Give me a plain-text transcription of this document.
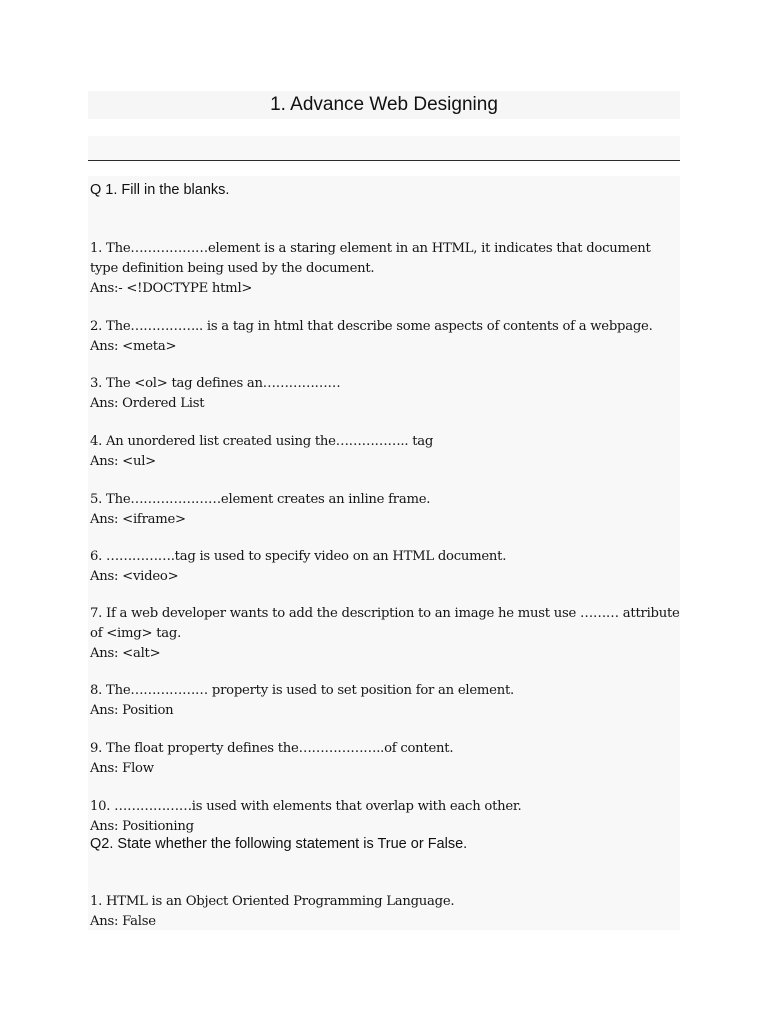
1. Advance Web Designing
Q 1. Fill in the blanks.

1. The………………element is a staring element in an HTML, it indicates that document type definition being used by the document.

Ans:- <!DOCTYPE html>

2. The…………….. is a tag in html that describe some aspects of contents of a webpage.

Ans: <meta>

3. The <ol> tag defines an………………

Ans: Ordered List

4. An unordered list created using the…………….. tag

Ans: <ul>

5. The…………………element creates an inline frame.

Ans: <iframe>

6. …………….tag is used to specify video on an HTML document.

Ans: <video>

7. If a web developer wants to add the description to an image he must use ……… attribute of <img> tag.

Ans: <alt>

8. The……………… property is used to set position for an element.

Ans: Position

9. The float property defines the………………..of content.

Ans: Flow

10. ………………is used with elements that overlap with each other.

Ans: Positioning

Q2. State whether the following statement is True or False.

1. HTML is an Object Oriented Programming Language.

Ans: False
